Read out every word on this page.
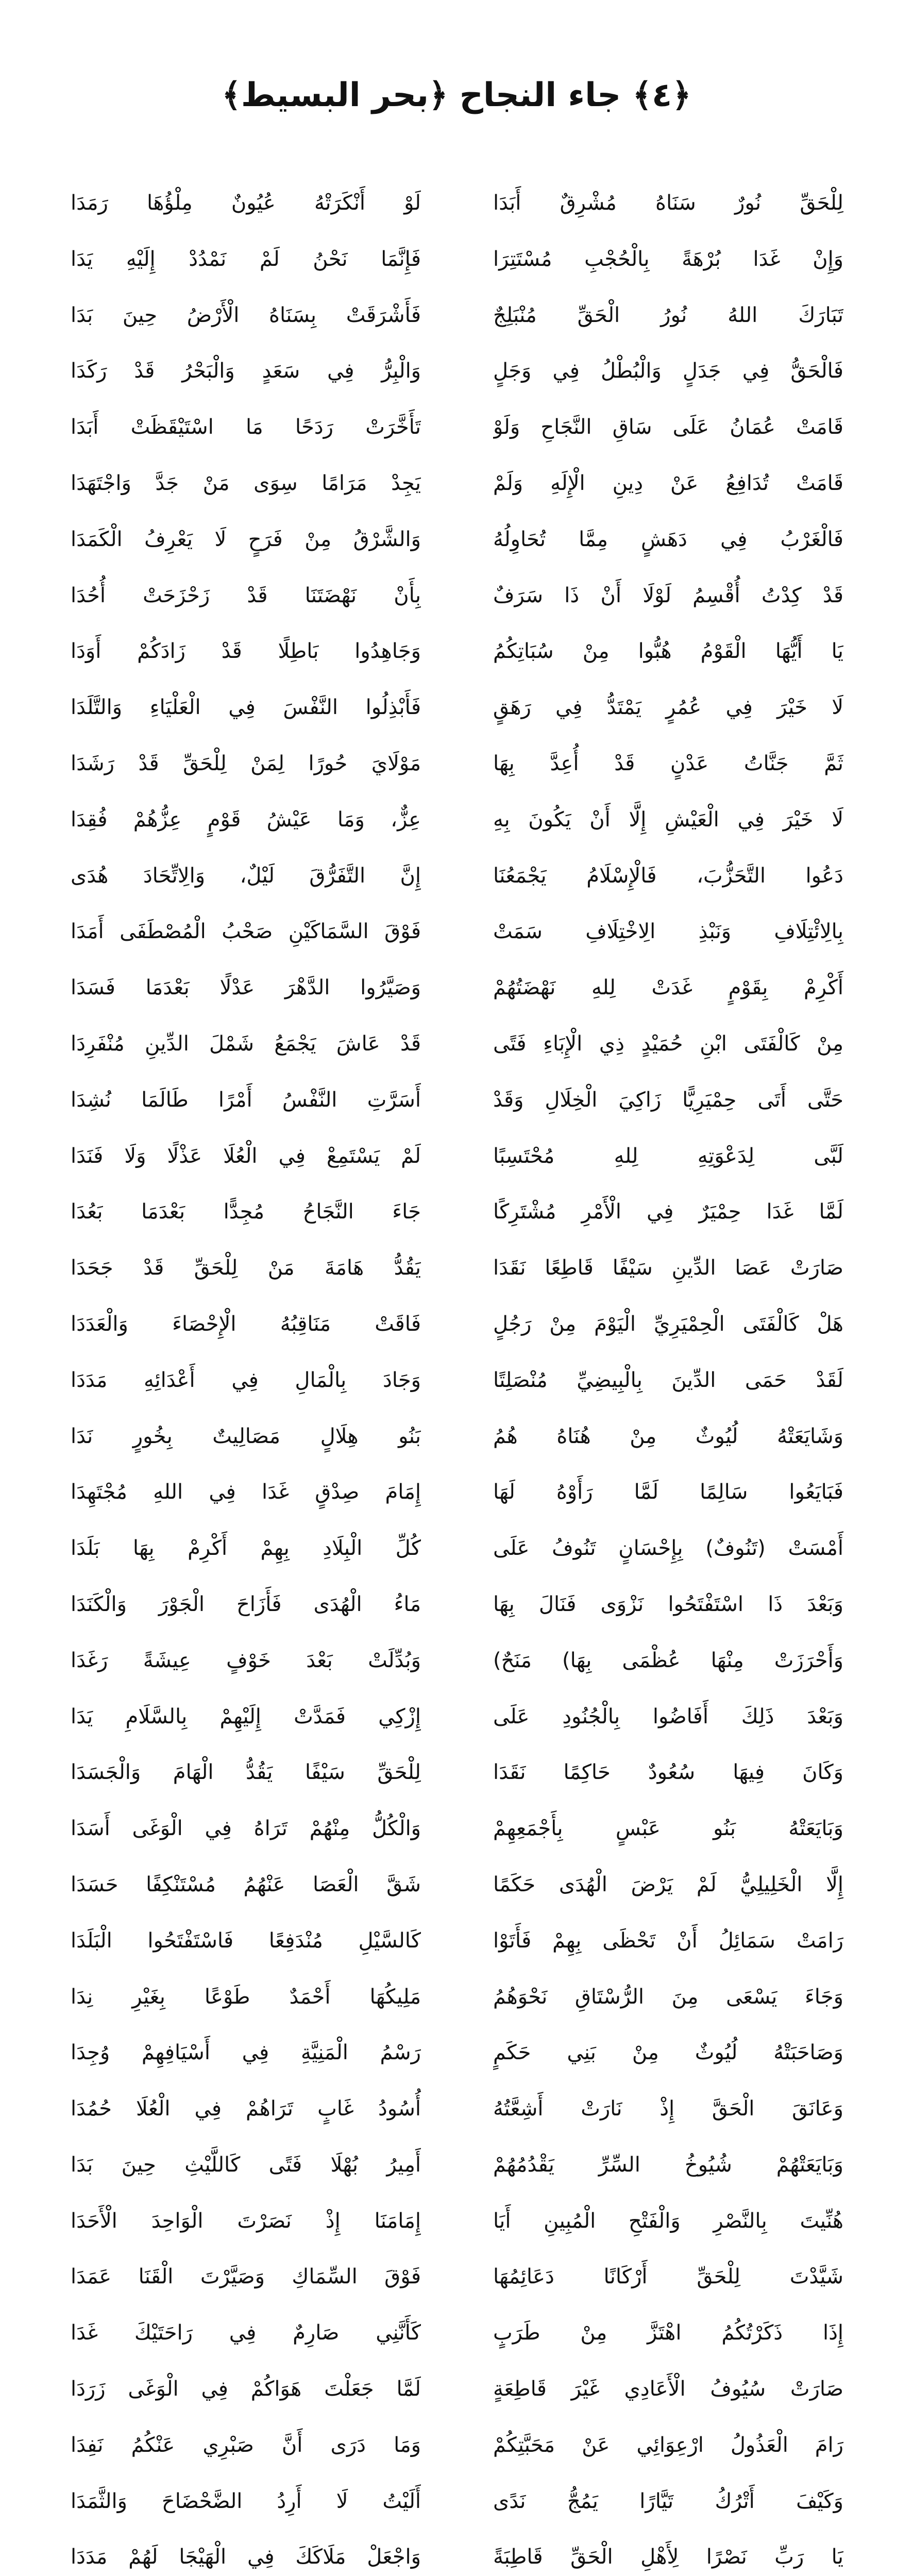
﴿٤﴾ جاء النجاح ﴿بحر البسيط﴾
لِلْحَقِّ نُورٌ سَنَاهُ مُشْرِقٌ أَبَدَا
لَوْ أَنْكَرَتْهُ عُيُونٌ مِلْؤُهَا رَمَدَا
وَإِنْ غَدَا بُرْهَةً بِالْحُجْبِ مُسْتَتِرَا
فَإِنَّمَا نَحْنُ لَمْ نَمْدُدْ إِلَيْهِ يَدَا
تَبَارَكَ اللهُ نُورُ الْحَقِّ مُنْبَلِجٌ
فَأَشْرَقَتْ بِسَنَاهُ الْأَرْضُ حِينَ بَدَا
فَالْحَقُّ فِي جَدَلٍ وَالْبُطْلُ فِي وَجَلٍ
وَالْبِرُّ فِي سَعَدٍ وَالْبَحْرُ قَدْ رَكَدَا
قَامَتْ عُمَانُ عَلَى سَاقِ النَّجَاحِ وَلَوْ
تَأَخَّرَتْ رَدَحًا مَا اسْتَيْقَظَتْ أَبَدَا
قَامَتْ تُدَافِعُ عَنْ دِينِ الْإِلَهِ وَلَمْ
يَجِدْ مَرَامًا سِوَى مَنْ جَدَّ وَاجْتَهَدَا
فَالْغَرْبُ فِي دَهَشٍ مِمَّا تُحَاوِلُهُ
وَالشَّرْقُ مِنْ فَرَحٍ لَا يَعْرِفُ الْكَمَدَا
قَدْ كِدْتُ أُقْسِمُ لَوْلَا أَنْ ذَا سَرَفٌ
بِأَنْ نَهْضَتَنَا قَدْ زَحْزَحَتْ أُحُدَا
يَا أَيُّهَا الْقَوْمُ هُبُّوا مِنْ سُبَاتِكُمُ
وَجَاهِدُوا بَاطِلًا قَدْ زَادَكُمْ أَوَدَا
لَا خَيْرَ فِي عُمُرٍ يَمْتَدُّ فِي رَهَقٍ
فَأَبْذِلُوا النَّفْسَ فِي الْعَلْيَاءِ وَالتَّلَدَا
ثَمَّ جَنَّاتُ عَدْنٍ قَدْ أُعِدَّ بِهَا
مَوْلَايَ حُورًا لِمَنْ لِلْحَقِّ قَدْ رَشَدَا
لَا خَيْرَ فِي الْعَيْشِ إِلَّا أَنْ يَكُونَ بِهِ
عِزٌّ، وَمَا عَيْشُ قَوْمٍ عِزُّهُمْ فُقِدَا
دَعُوا التَّحَزُّبَ، فَالْإِسْلَامُ يَجْمَعُنَا
إِنَّ التَّفَرُّقَ لَيْلٌ، وَالِاتِّحَادَ هُدَى
بِالِائْتِلَافِ وَنَبْذِ الِاخْتِلَافِ سَمَتْ
فَوْقَ السَّمَاكَيْنِ صَحْبُ الْمُصْطَفَى أَمَدَا
أَكْرِمْ بِقَوْمٍ غَدَتْ لِلهِ نَهْضَتُهُمْ
وَصَيَّرُوا الدَّهْرَ عَدْلًا بَعْدَمَا فَسَدَا
مِنْ كَالْفَتَى ابْنِ حُمَيْدٍ ذِي الْإِبَاءِ فَتًى
قَدْ عَاشَ يَجْمَعُ شَمْلَ الدِّينِ مُنْفَرِدَا
حَتَّى أَتَى حِمْيَرِيًّا زَاكِيَ الْخِلَالِ وَقَدْ
أَسَرَّتِ النَّفْسُ أَمْرًا طَالَمَا نُشِدَا
لَبَّى لِدَعْوَتِهِ لِلهِ مُحْتَسِبًا
لَمْ يَسْتَمِعْ فِي الْعُلَا عَذْلًا وَلَا فَنَدَا
لَمَّا غَدَا حِمْيَرٌ فِي الْأَمْرِ مُشْتَرِكًا
جَاءَ النَّجَاحُ مُجِدًّا بَعْدَمَا بَعُدَا
صَارَتْ عَصَا الدِّينِ سَيْفًا قَاطِعًا نَقَدَا
يَقُدُّ هَامَةَ مَنْ لِلْحَقِّ قَدْ جَحَدَا
هَلْ كَالْفَتَى الْحِمْيَرِيِّ الْيَوْمَ مِنْ رَجُلٍ
فَاقَتْ مَنَاقِبُهُ الْإِحْصَاءَ وَالْعَدَدَا
لَقَدْ حَمَى الدِّينَ بِالْبِيضِيِّ مُنْصَلِتًا
وَجَادَ بِالْمَالِ فِي أَعْدَائِهِ مَدَدَا
وَشَايَعَتْهُ لُيُوثٌ مِنْ هُنَاهُ هُمُ
بَنُو هِلَالٍ مَصَالِيتٌ بِخُورٍ نَدَا
فَبَايَعُوا سَالِمًا لَمَّا رَأَوْهُ لَهَا
إِمَامَ صِدْقٍ غَدَا فِي اللهِ مُجْتَهِدَا
أَمْسَتْ (تَنُوفٌ) بِإِحْسَانٍ تَنُوفُ عَلَى
كُلِّ الْبِلَادِ بِهِمْ أَكْرِمْ بِهَا بَلَدَا
وَبَعْدَ ذَا اسْتَفْتَحُوا نَزْوَى فَنَالَ بِهَا
مَاءُ الْهُدَى فَأَزَاحَ الْجَوْرَ وَالْكَنَدَا
وَأَحْرَزَتْ مِنْهَا عُظْمَى بِهَا) مَنَحٌ)
وَبُدِّلَتْ بَعْدَ خَوْفٍ عِيشَةً رَغَدَا
وَبَعْدَ ذَلِكَ أَفَاضُوا بِالْجُنُودِ عَلَى
إِزْكِي فَمَدَّتْ إِلَيْهِمْ بِالسَّلَامِ يَدَا
وَكَانَ فِيهَا سُعُودٌ حَاكِمًا نَقَدَا
لِلْحَقِّ سَيْفًا يَقُدُّ الْهَامَ وَالْجَسَدَا
وَبَايَعَتْهُ بَنُو عَبْسٍ بِأَجْمَعِهِمْ
وَالْكُلُّ مِنْهُمْ تَرَاهُ فِي الْوَغَى أَسَدَا
إِلَّا الْخَلِيلِيُّ لَمْ يَرْضَ الْهُدَى حَكَمًا
شَقَّ الْعَصَا عَنْهُمُ مُسْتَنْكِفًا حَسَدَا
رَامَتْ سَمَائِلُ أَنْ تَحْظَى بِهِمْ فَأَتَوْا
كَالسَّيْلِ مُنْدَفِعًا فَاسْتَفْتَحُوا الْبَلَدَا
وَجَاءَ يَسْعَى مِنَ الرُّسْتَاقِ نَحْوَهُمُ
مَلِيكُهَا أَحْمَدٌ طَوْعًا بِغَيْرِ نِدَا
وَصَاحَبَتْهُ لُيُوثٌ مِنْ بَنِي حَكَمٍ
رَسْمُ الْمَنِيَّةِ فِي أَسْيَافِهِمْ وُجِدَا
وَعَانَقَ الْحَقَّ إِذْ نَارَتْ أَشِعَّتُهُ
أُسُودُ غَابٍ تَرَاهُمْ فِي الْعُلَا حُمُدَا
وَبَايَعَتْهُمْ شُيُوخُ السِّرِّ يَقْدُمُهُمْ
أَمِيرُ بُهْلَا فَتًى كَاللَّيْثِ حِينَ بَدَا
هُنِّيتَ بِالنَّصْرِ وَالْفَتْحِ الْمُبِينِ أَيَا
إِمَامَنَا إِذْ نَصَرْتَ الْوَاحِدَ الْأَحَدَا
شَيَّدْتَ لِلْحَقِّ أَرْكَانًا دَعَائِمُهَا
فَوْقَ السِّمَاكِ وَصَيَّرْتَ الْقَنَا عَمَدَا
إِذَا ذَكَرْتُكُمُ اهْتَزَّ مِنْ طَرَبٍ
كَأَنَّنِي صَارِمٌ فِي رَاحَتَيْكَ غَدَا
صَارَتْ سُيُوفُ الْأَعَادِي غَيْرَ قَاطِعَةٍ
لَمَّا جَعَلْتَ هَوَاكُمْ فِي الْوَغَى زَرَدَا
رَامَ الْعَذُولُ ارْعِوَائِي عَنْ مَحَبَّتِكُمْ
وَمَا دَرَى أَنَّ صَبْرِي عَنْكُمُ نَفِدَا
وَكَيْفَ أَتْرُكُ تَيَّارًا يَمُجُّ نَدًى
أَلَيْتُ لَا أَرِدُ الضَّحْضَاحَ وَالثَّمَدَا
يَا رَبِّ نَصْرًا لِأَهْلِ الْحَقِّ قَاطِبَةً
وَاجْعَلْ مَلَاكَكَ فِي الْهَيْجَا لَهُمْ مَدَدَا
